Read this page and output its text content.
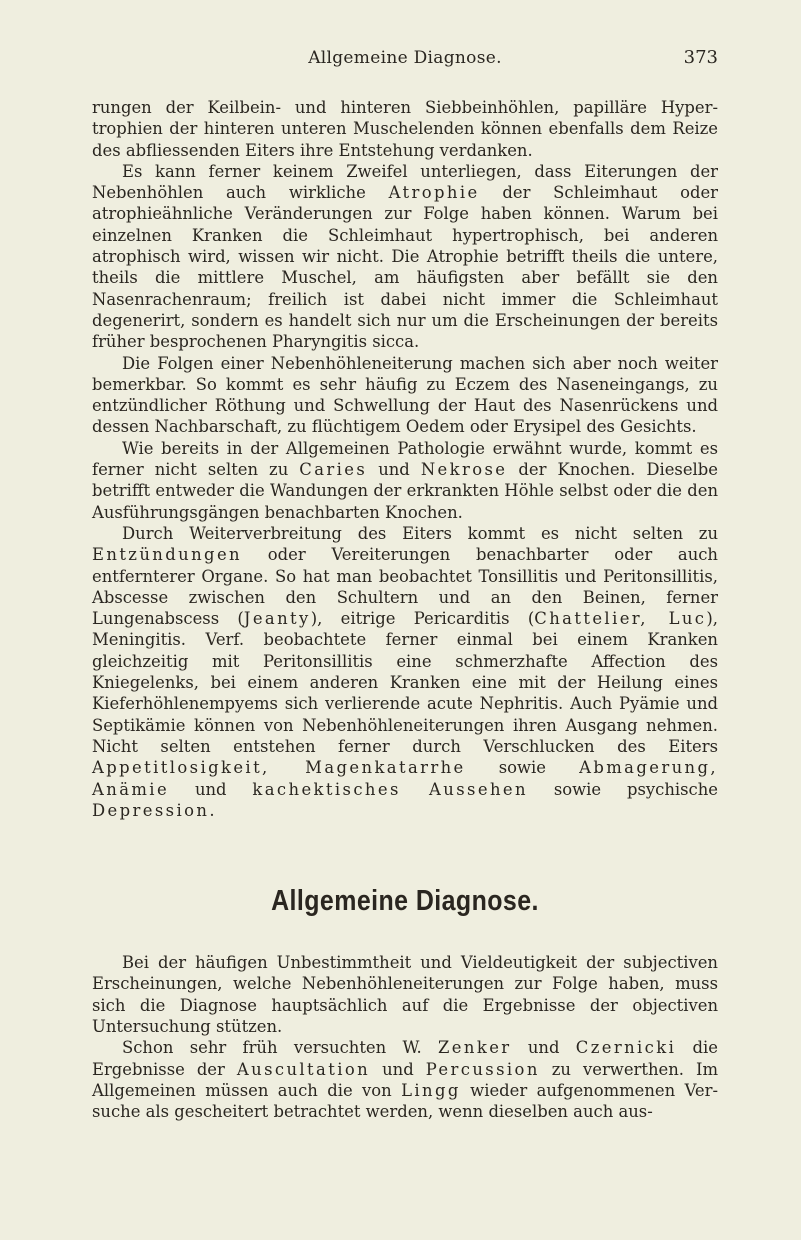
Allgemeine Diagnose.	373

rungen der Keilbein- und hinteren Siebbeinhöhlen, papilläre Hypertrophien der hinteren unteren Muschelenden können ebenfalls dem Reize des abfliessenden Eiters ihre Entstehung verdanken.

Es kann ferner keinem Zweifel unterliegen, dass Eiterungen der Nebenhöhlen auch wirkliche Atrophie der Schleimhaut oder atrophieähnliche Veränderungen zur Folge haben können. Warum bei einzelnen Kranken die Schleimhaut hypertrophisch, bei anderen atrophisch wird, wissen wir nicht. Die Atrophie betrifft theils die untere, theils die mittlere Muschel, am häufigsten aber befällt sie den Nasenrachenraum; freilich ist dabei nicht immer die Schleimhaut degenerirt, sondern es handelt sich nur um die Erscheinungen der bereits früher besprochenen Pharyngitis sicca.

Die Folgen einer Nebenhöhleneiterung machen sich aber noch weiter bemerkbar. So kommt es sehr häufig zu Eczem des Naseneingangs, zu entzündlicher Röthung und Schwellung der Haut des Nasenrückens und dessen Nachbarschaft, zu flüchtigem Oedem oder Erysipel des Gesichts.

Wie bereits in der Allgemeinen Pathologie erwähnt wurde, kommt es ferner nicht selten zu Caries und Nekrose der Knochen. Dieselbe betrifft entweder die Wandungen der erkrankten Höhle selbst oder die den Ausführungsgängen benachbarten Knochen.

Durch Weiterverbreitung des Eiters kommt es nicht selten zu Entzündungen oder Vereiterungen benachbarter oder auch entfernterer Organe. So hat man beobachtet Tonsillitis und Peritonsillitis, Abscesse zwischen den Schultern und an den Beinen, ferner Lungenabscess (Jeanty), eitrige Pericarditis (Chattelier, Luc), Meningitis. Verf. beobachtete ferner einmal bei einem Kranken gleichzeitig mit Peritonsillitis eine schmerzhafte Affection des Kniegelenks, bei einem anderen Kranken eine mit der Heilung eines Kieferhöhlenempyems sich verlierende acute Nephritis. Auch Pyämie und Septikämie können von Nebenhöhleneiterungen ihren Ausgang nehmen. Nicht selten entstehen ferner durch Verschlucken des Eiters Appetitlosigkeit, Magenkatarrhe sowie Abmagerung, Anämie und kachektisches Aussehen sowie psychische Depression.

Allgemeine Diagnose.

Bei der häufigen Unbestimmtheit und Vieldeutigkeit der subjectiven Erscheinungen, welche Nebenhöhleneiterungen zur Folge haben, muss sich die Diagnose hauptsächlich auf die Ergebnisse der objectiven Untersuchung stützen.

Schon sehr früh versuchten W. Zenker und Czernicki die Ergebnisse der Auscultation und Percussion zu verwerthen. Im Allgemeinen müssen auch die von Lingg wieder aufgenommenen Versuche als gescheitert betrachtet werden, wenn dieselben auch aus-
